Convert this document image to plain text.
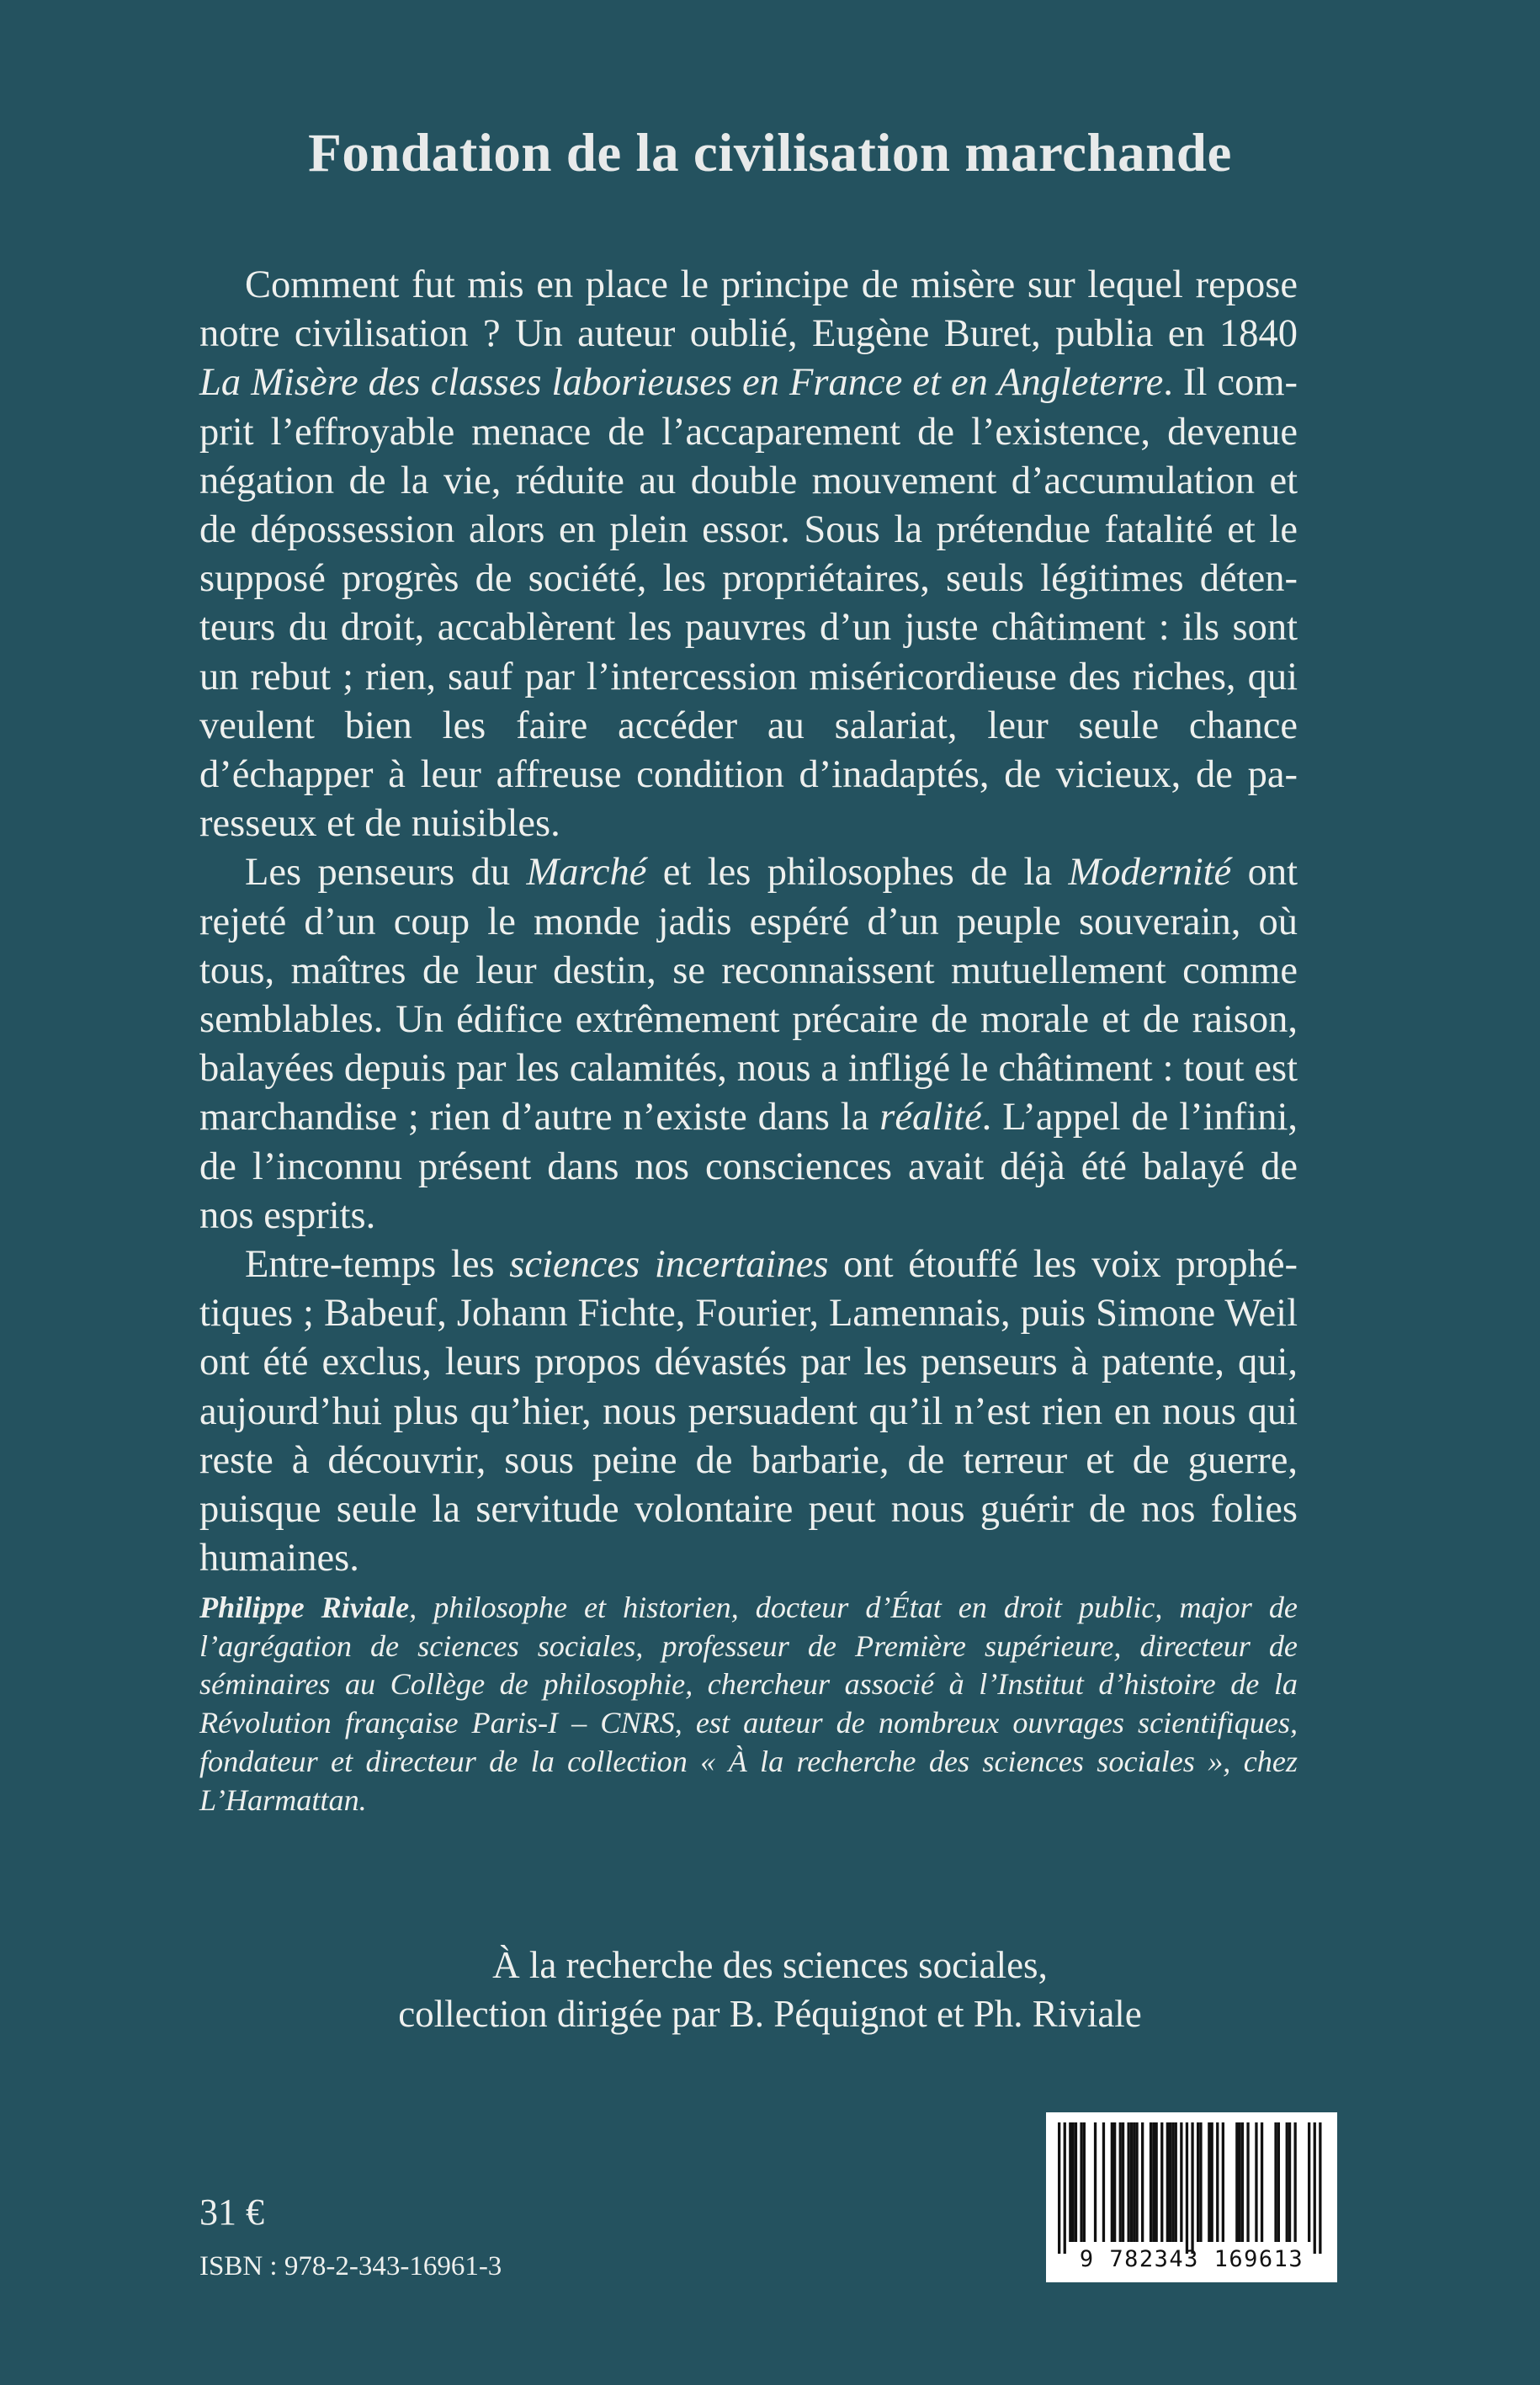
Fondation de la civilisation marchande

Comment fut mis en place le principe de misère sur lequel repose notre civilisation ? Un auteur oublié, Eugène Buret, publia en 1840 La Misère des classes laborieuses en France et en Angleterre. Il comprit l’effroyable menace de l’accaparement de l’existence, devenue négation de la vie, réduite au double mouvement d’accumulation et de dépossession alors en plein essor. Sous la prétendue fatalité et le supposé progrès de société, les propriétaires, seuls légitimes détenteurs du droit, accablèrent les pauvres d’un juste châtiment : ils sont un rebut ; rien, sauf par l’intercession miséricordieuse des riches, qui veulent bien les faire accéder au salariat, leur seule chance d’échapper à leur affreuse condition d’inadaptés, de vicieux, de paresseux et de nuisibles.

Les penseurs du Marché et les philosophes de la Modernité ont rejeté d’un coup le monde jadis espéré d’un peuple souverain, où tous, maîtres de leur destin, se reconnaissent mutuellement comme semblables. Un édifice extrêmement précaire de morale et de raison, balayées depuis par les calamités, nous a infligé le châtiment : tout est marchandise ; rien d’autre n’existe dans la réalité. L’appel de l’infini, de l’inconnu présent dans nos consciences avait déjà été balayé de nos esprits.

Entre-temps les sciences incertaines ont étouffé les voix prophétiques ; Babeuf, Johann Fichte, Fourier, Lamennais, puis Simone Weil ont été exclus, leurs propos dévastés par les penseurs à patente, qui, aujourd’hui plus qu’hier, nous persuadent qu’il n’est rien en nous qui reste à découvrir, sous peine de barbarie, de terreur et de guerre, puisque seule la servitude volontaire peut nous guérir de nos folies humaines.

Philippe Riviale, philosophe et historien, docteur d’État en droit public, major de l’agrégation de sciences sociales, professeur de Première supérieure, directeur de séminaires au Collège de philosophie, chercheur associé à l’Institut d’histoire de la Révolution française Paris-I – CNRS, est auteur de nombreux ouvrages scientifiques, fondateur et directeur de la collection « À la recherche des sciences sociales », chez L’Harmattan.

À la recherche des sciences sociales,
collection dirigée par B. Péquignot et Ph. Riviale
31 €
ISBN : 978-2-343-16961-3	9 782343 169613
